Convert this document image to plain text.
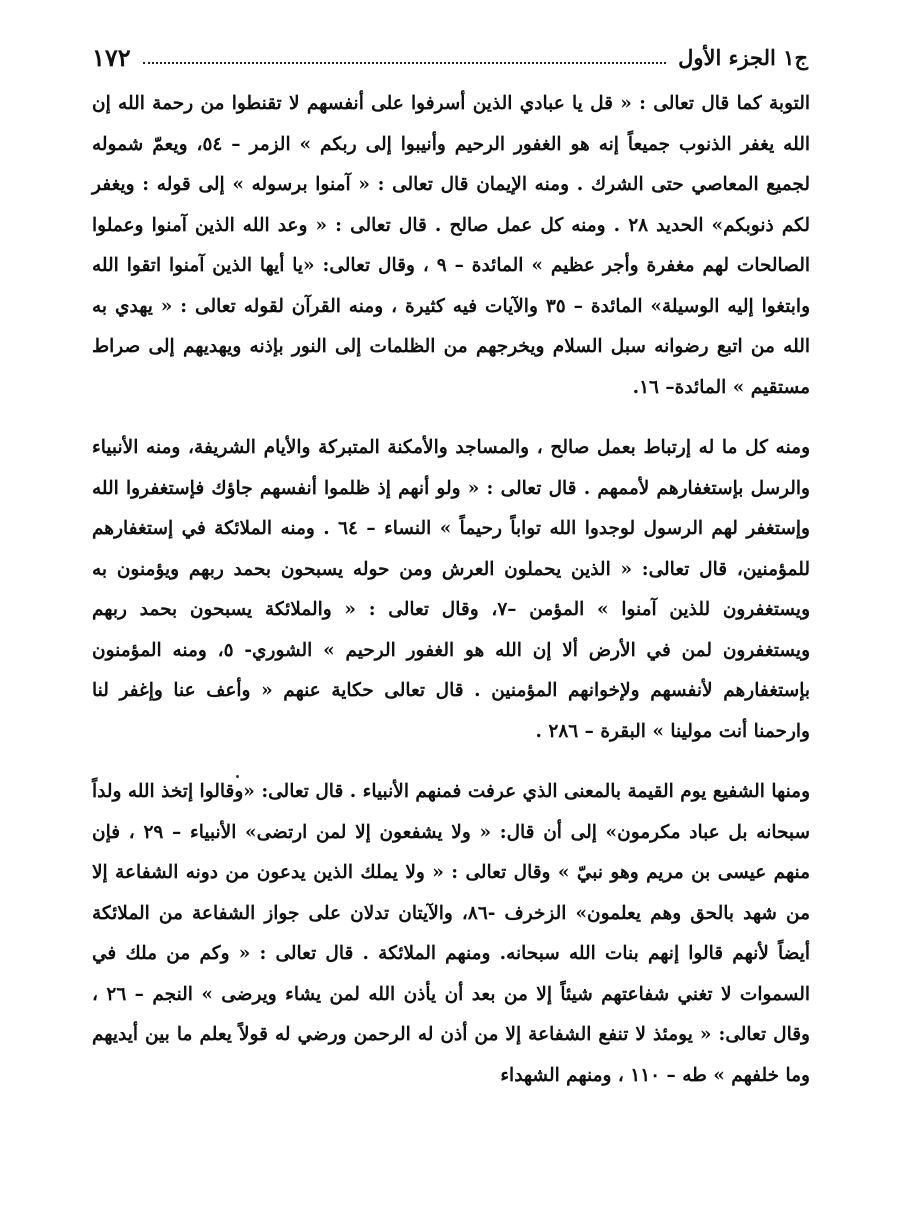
١٧٢	ج١ الجزء الأول

التوبة كما قال تعالى : « قل يا عبادي الذين أسرفوا على أنفسهم لا تقنطوا من رحمة الله إن الله يغفر الذنوب جميعاً إنه هو الغفور الرحيم وأنيبوا إلى ربكم » الزمر – ٥٤، ويعمّ شموله لجميع المعاصي حتى الشرك . ومنه الإيمان قال تعالى : « آمنوا برسوله » إلى قوله : ويغفر لكم ذنوبكم» الحديد ٢٨ . ومنه كل عمل صالح . قال تعالى : « وعد الله الذين آمنوا وعملوا الصالحات لهم مغفرة وأجر عظيم » المائدة – ٩ ، وقال تعالى: «يا أيها الذين آمنوا اتقوا الله وابتغوا إليه الوسيلة» المائدة – ٣٥ والآيات فيه كثيرة ، ومنه القرآن لقوله تعالى : « يهدي به الله من اتبع رضوانه سبل السلام ويخرجهم من الظلمات إلى النور بإذنه ويهديهم إلى صراط مستقيم » المائدة– ١٦.

ومنه كل ما له إرتباط بعمل صالح ، والمساجد والأمكنة المتبركة والأيام الشريفة، ومنه الأنبياء والرسل بإستغفارهم لأممهم . قال تعالى : « ولو أنهم إذ ظلموا أنفسهم جاؤك فإستغفروا الله وإستغفر لهم الرسول لوجدوا الله تواباً رحيماً » النساء – ٦٤ . ومنه الملائكة في إستغفارهم للمؤمنين، قال تعالى: « الذين يحملون العرش ومن حوله يسبحون بحمد ربهم ويؤمنون به ويستغفرون للذين آمنوا » المؤمن –٧، وقال تعالى : « والملائكة يسبحون بحمد ربهم ويستغفرون لمن في الأرض ألا إن الله هو الغفور الرحيم » الشوري- ٥، ومنه المؤمنون بإستغفارهم لأنفسهم ولإخوانهم المؤمنين . قال تعالى حكاية عنهم « وأعف عنا وإغفر لنا وارحمنا أنت مولينا » البقرة – ٢٨٦ .

ومنها الشفيع يوم القيمة بالمعنى الذي عرفت فمنهم الأنبياء . قال تعالى: «وقالوا إتخذ الله ولداً سبحانه بل عباد مكرمون» إلى أن قال: « ولا يشفعون إلا لمن ارتضى» الأنبياء – ٢٩ ، فإن منهم عيسى بن مريم وهو نبيّ » وقال تعالى : « ولا يملك الذين يدعون من دونه الشفاعة إلا من شهد بالحق وهم يعلمون» الزخرف -٨٦، والآيتان تدلان على جواز الشفاعة من الملائكة أيضاً لأنهم قالوا إنهم بنات الله سبحانه. ومنهم الملائكة . قال تعالى : « وكم من ملك في السموات لا تغني شفاعتهم شيئاً إلا من بعد أن يأذن الله لمن يشاء ويرضى » النجم – ٢٦ ، وقال تعالى: « يومئذ لا تنفع الشفاعة إلا من أذن له الرحمن ورضي له قولاً يعلم ما بين أيديهم وما خلفهم » طه – ١١٠ ، ومنهم الشهداء
